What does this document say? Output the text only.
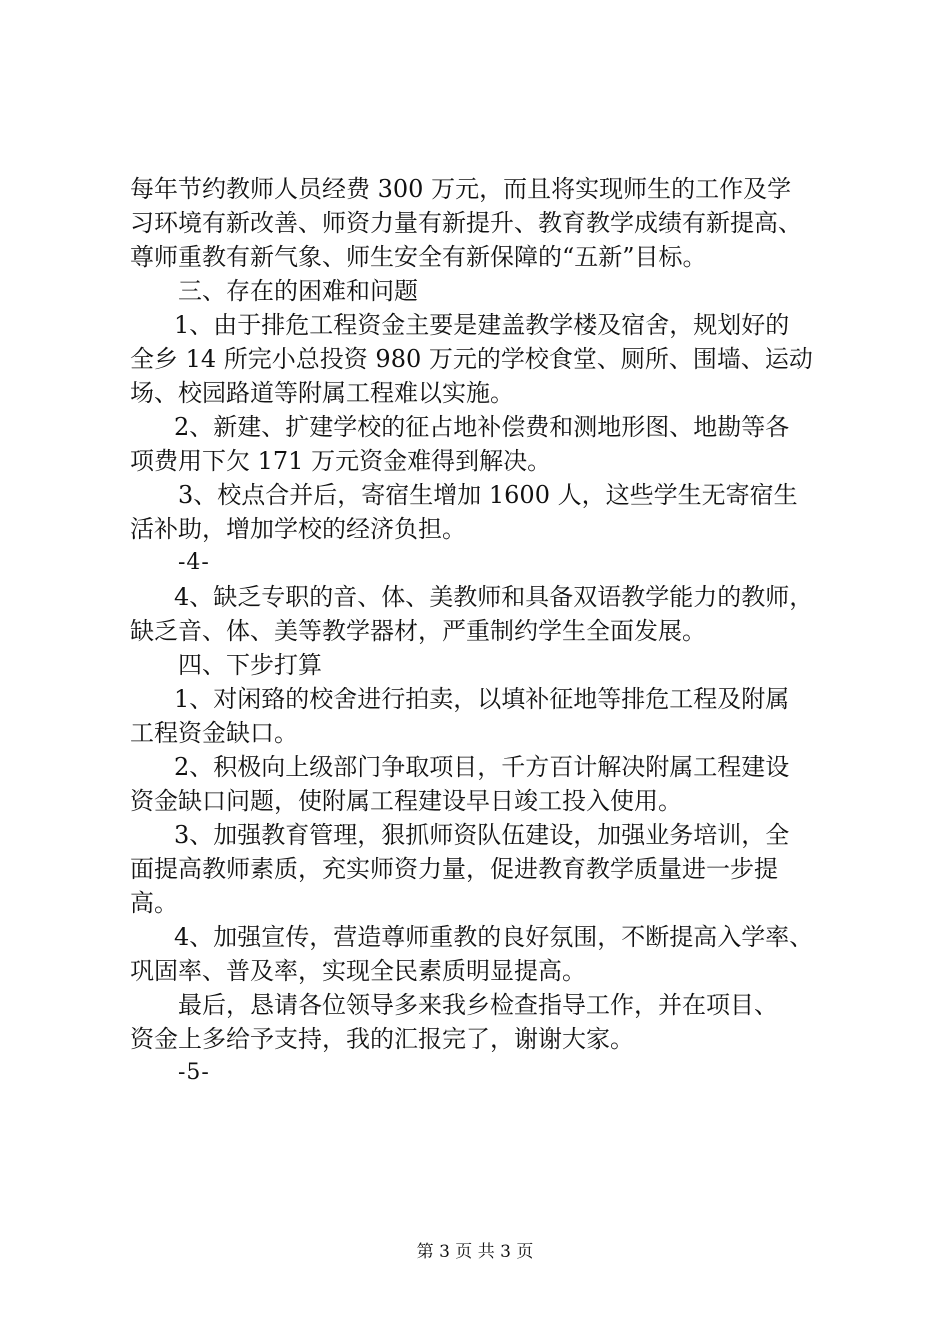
每年节约教师人员经费 300 万元，而且将实现师生的工作及学
习环境有新改善、师资力量有新提升、教育教学成绩有新提高、
尊师重教有新气象、师生安全有新保障的“五新”目标。
三、存在的困难和问题
1、由于排危工程资金主要是建盖教学楼及宿舍，规划好的
全乡 14 所完小总投资 980 万元的学校食堂、厕所、围墙、运动
场、校园路道等附属工程难以实施。
2、新建、扩建学校的征占地补偿费和测地形图、地勘等各
项费用下欠 171 万元资金难得到解决。
3、校点合并后，寄宿生增加 1600 人，这些学生无寄宿生
活补助，增加学校的经济负担。
-4-
4、缺乏专职的音、体、美教师和具备双语教学能力的教师，
缺乏音、体、美等教学器材，严重制约学生全面发展。
四、下步打算
1、对闲臵的校舍进行拍卖，以填补征地等排危工程及附属
工程资金缺口。
2、积极向上级部门争取项目，千方百计解决附属工程建设
资金缺口问题，使附属工程建设早日竣工投入使用。
3、加强教育管理，狠抓师资队伍建设，加强业务培训，全
面提高教师素质，充实师资力量，促进教育教学质量进一步提
高。
4、加强宣传，营造尊师重教的良好氛围，不断提高入学率、
巩固率、普及率，实现全民素质明显提高。
最后，恳请各位领导多来我乡检查指导工作，并在项目、
资金上多给予支持，我的汇报完了，谢谢大家。
-5-
第 3 页 共 3 页
